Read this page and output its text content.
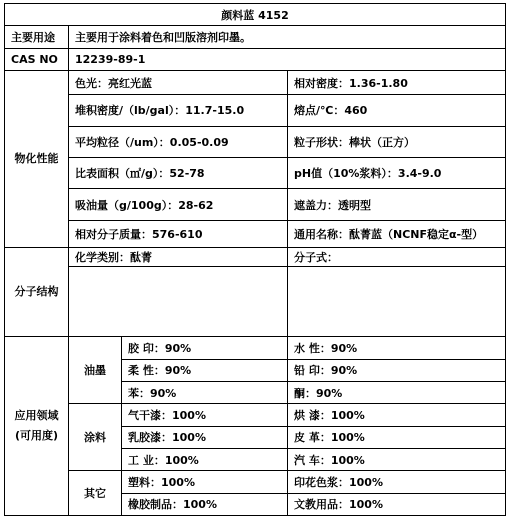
颜料蓝 4152			
主要用途	主要用于涂料着色和凹版溶剂印墨。		
CAS NO	12239-89-1		
物化性能	色光：亮红光蓝		相对密度：1.36-1.80
	堆积密度/（lb/gal）：11.7-15.0		熔点/℃：460
	平均粒径（/um）：0.05-0.09		粒子形状：棒状（正方）
	比表面积（㎡/g）：52-78		pH值（10%浆料）：3.4-9.0
	吸油量（g/100g）：28-62		遮盖力：透明型
	相对分子质量：576-610		通用名称：酞菁蓝（NCNF稳定α-型）
分子结构	化学类别：酞菁		分子式：

应用领域
(可用度)	油墨	胶 印：90%	水 性：90%
		柔 性：90%	铅 印：90%
		苯：90%	酮：90%
	涂料	气干漆：100%	烘 漆：100%
		乳胶漆：100%	皮 革：100%
		工 业：100%	汽 车：100%
	其它	塑料：100%	印花色浆：100%
		橡胶制品：100%	文教用品：100%
